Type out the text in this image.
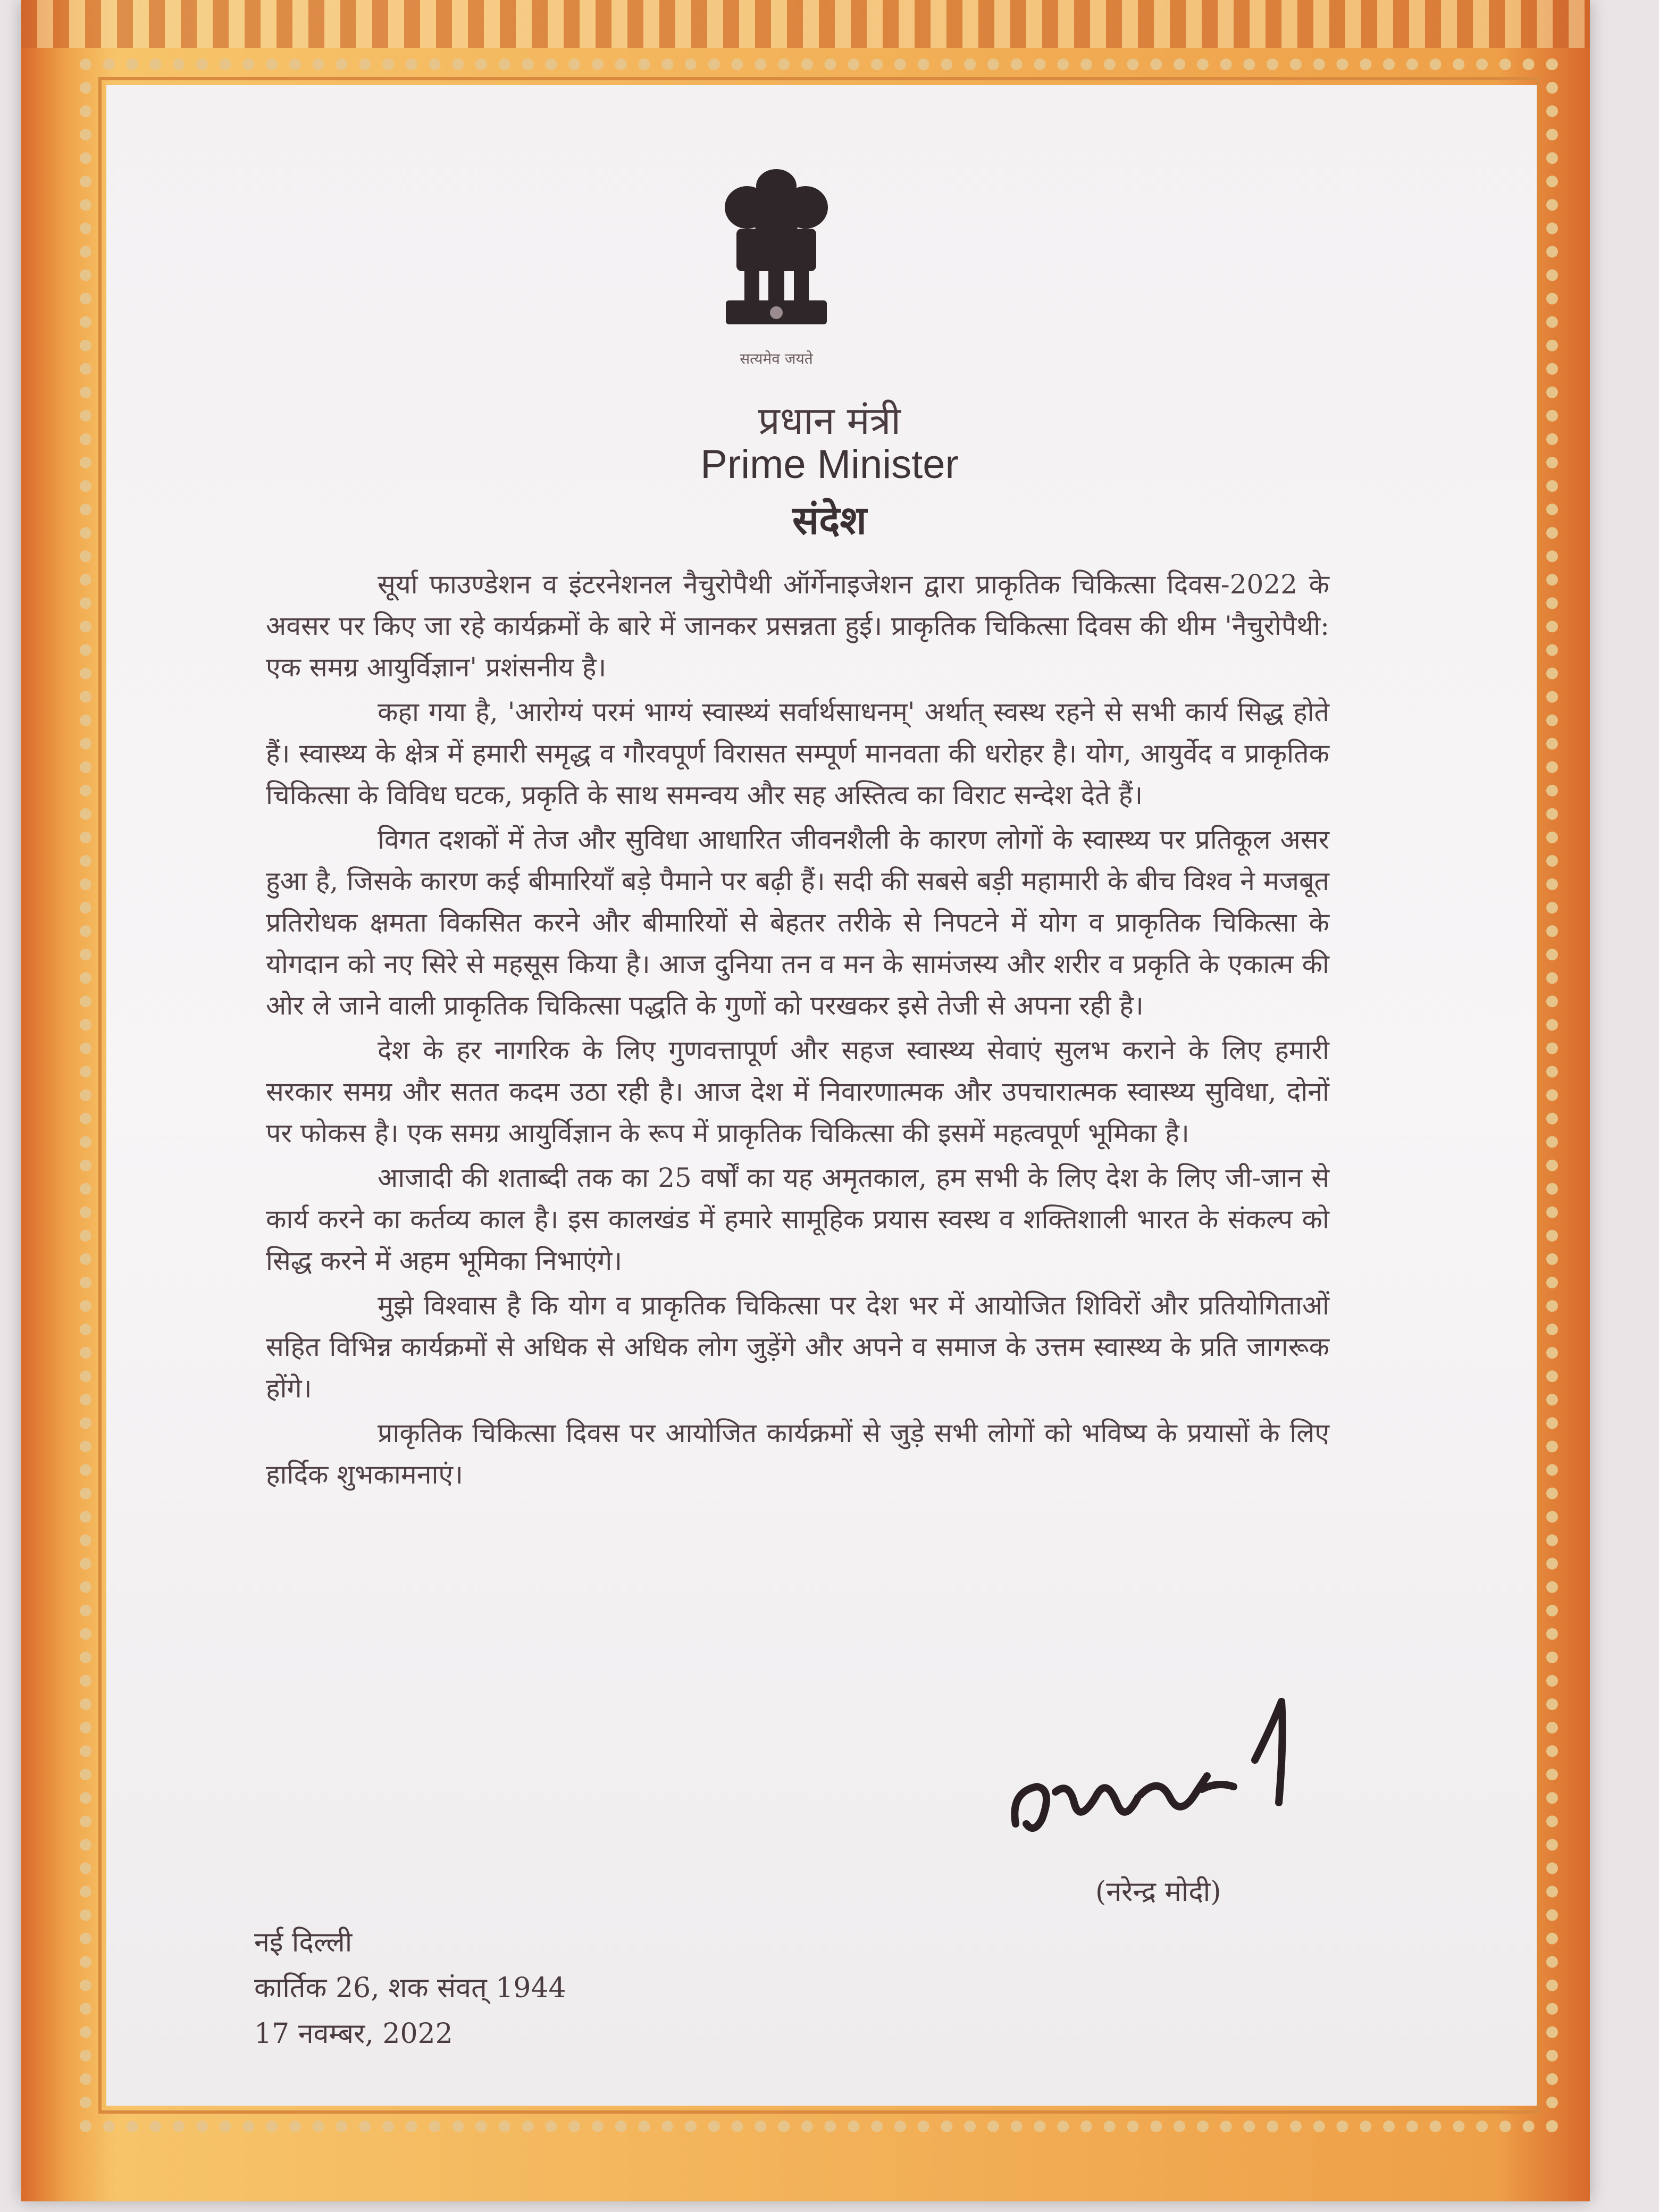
सत्यमेव जयते
प्रधान मंत्री
Prime Minister
संदेश

सूर्या फाउण्डेशन व इंटरनेशनल नैचुरोपैथी ऑर्गेनाइजेशन द्वारा प्राकृतिक चिकित्सा दिवस-2022 के अवसर पर किए जा रहे कार्यक्रमों के बारे में जानकर प्रसन्नता हुई। प्राकृतिक चिकित्सा दिवस की थीम 'नैचुरोपैथी: एक समग्र आयुर्विज्ञान' प्रशंसनीय है।

कहा गया है, 'आरोग्यं परमं भाग्यं स्वास्थ्यं सर्वार्थसाधनम्' अर्थात् स्वस्थ रहने से सभी कार्य सिद्ध होते हैं। स्वास्थ्य के क्षेत्र में हमारी समृद्ध व गौरवपूर्ण विरासत सम्पूर्ण मानवता की धरोहर है। योग, आयुर्वेद व प्राकृतिक चिकित्सा के विविध घटक, प्रकृति के साथ समन्वय और सह अस्तित्व का विराट सन्देश देते हैं।

विगत दशकों में तेज और सुविधा आधारित जीवनशैली के कारण लोगों के स्वास्थ्य पर प्रतिकूल असर हुआ है, जिसके कारण कई बीमारियाँ बड़े पैमाने पर बढ़ी हैं। सदी की सबसे बड़ी महामारी के बीच विश्व ने मजबूत प्रतिरोधक क्षमता विकसित करने और बीमारियों से बेहतर तरीके से निपटने में योग व प्राकृतिक चिकित्सा के योगदान को नए सिरे से महसूस किया है। आज दुनिया तन व मन के सामंजस्य और शरीर व प्रकृति के एकात्म की ओर ले जाने वाली प्राकृतिक चिकित्सा पद्धति के गुणों को परखकर इसे तेजी से अपना रही है।

देश के हर नागरिक के लिए गुणवत्तापूर्ण और सहज स्वास्थ्य सेवाएं सुलभ कराने के लिए हमारी सरकार समग्र और सतत कदम उठा रही है। आज देश में निवारणात्मक और उपचारात्मक स्वास्थ्य सुविधा, दोनों पर फोकस है। एक समग्र आयुर्विज्ञान के रूप में प्राकृतिक चिकित्सा की इसमें महत्वपूर्ण भूमिका है।

आजादी की शताब्दी तक का 25 वर्षों का यह अमृतकाल, हम सभी के लिए देश के लिए जी-जान से कार्य करने का कर्तव्य काल है। इस कालखंड में हमारे सामूहिक प्रयास स्वस्थ व शक्तिशाली भारत के संकल्प को सिद्ध करने में अहम भूमिका निभाएंगे।

मुझे विश्वास है कि योग व प्राकृतिक चिकित्सा पर देश भर में आयोजित शिविरों और प्रतियोगिताओं सहित विभिन्न कार्यक्रमों से अधिक से अधिक लोग जुड़ेंगे और अपने व समाज के उत्तम स्वास्थ्य के प्रति जागरूक होंगे।

प्राकृतिक चिकित्सा दिवस पर आयोजित कार्यक्रमों से जुड़े सभी लोगों को भविष्य के प्रयासों के लिए हार्दिक शुभकामनाएं।

(नरेन्द्र मोदी)
नई दिल्ली
कार्तिक 26, शक संवत् 1944
17 नवम्बर, 2022
